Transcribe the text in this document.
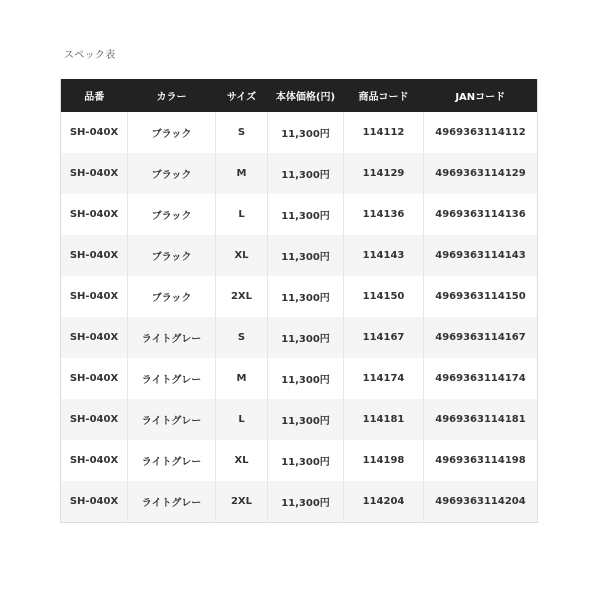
スペック表
品番	カラー	サイズ	本体価格(円)	商品コード	JANコード
SH-040X	ブラック	S	11,300円	114112	4969363114112
SH-040X	ブラック	M	11,300円	114129	4969363114129
SH-040X	ブラック	L	11,300円	114136	4969363114136
SH-040X	ブラック	XL	11,300円	114143	4969363114143
SH-040X	ブラック	2XL	11,300円	114150	4969363114150
SH-040X	ライトグレー	S	11,300円	114167	4969363114167
SH-040X	ライトグレー	M	11,300円	114174	4969363114174
SH-040X	ライトグレー	L	11,300円	114181	4969363114181
SH-040X	ライトグレー	XL	11,300円	114198	4969363114198
SH-040X	ライトグレー	2XL	11,300円	114204	4969363114204
